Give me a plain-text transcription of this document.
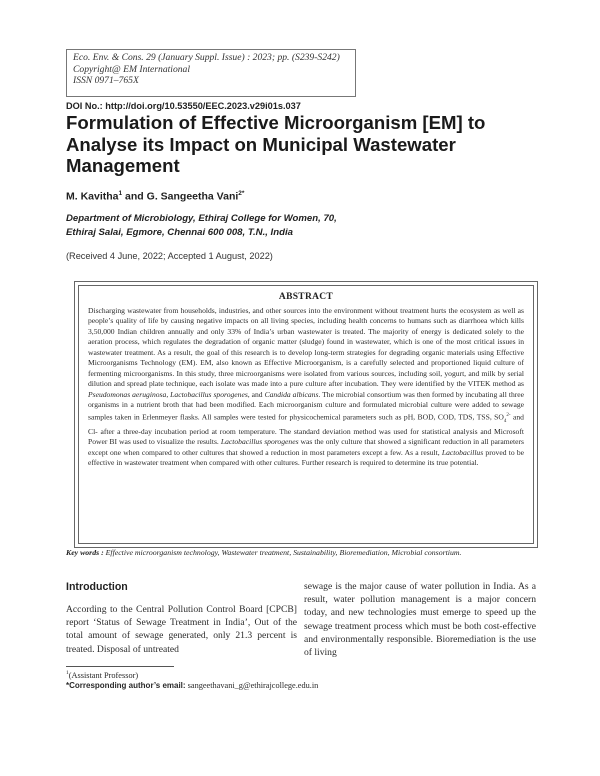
Eco. Env. & Cons. 29 (January Suppl. Issue) : 2023; pp. (S239-S242)
Copyright@ EM International
ISSN 0971–765X
DOI No.: http://doi.org/10.53550/EEC.2023.v29i01s.037
Formulation of Effective Microorganism [EM] to Analyse its Impact on Municipal Wastewater Management
M. Kavitha$^1$ and G. Sangeetha Vani$^{2*}$
Department of Microbiology, Ethiraj College for Women, 70,
Ethiraj Salai, Egmore, Chennai 600 008, T.N., India
(Received 4 June, 2022; Accepted 1 August, 2022)
ABSTRACT
Discharging wastewater from households, industries, and other sources into the environment without treatment hurts the ecosystem as well as people’s quality of life by causing negative impacts on all living species, including health concerns to humans such as diarrhoea which kills 3,50,000 Indian children annually and only 33% of India’s urban wastewater is treated. The majority of energy is dedicated solely to the aeration process, which regulates the degradation of organic matter (sludge) found in wastewater, which is one of the most critical issues in wastewater treatment. As a result, the goal of this research is to develop long-term strategies for degrading organic materials using Effective Microorganisms Technology (EM). EM, also known as Effective Microorganism, is a carefully selected and proportioned liquid culture of fermenting microorganisms. In this study, three microorganisms were isolated from various sources, including soil, yogurt, and milk by serial dilution and spread plate technique, each isolate was made into a pure culture after incubation. They were identified by the VITEK method as Pseudomonas aeruginosa, Lactobacillus sporogenes, and Candida albicans. The microbial consortium was then formed by incubating all three organisms in a nutrient broth that had been modified. Each microorganism culture and formulated microbial culture were added to sewage samples taken in Erlenmeyer flasks. All samples were tested for physicochemical parameters such as pH, BOD, COD, TDS, TSS, $SO_4^{2-}$ and Cl- after a three-day incubation period at room temperature. The standard deviation method was used for statistical analysis and Microsoft Power BI was used to visualize the results. Lactobacillus sporogenes was the only culture that showed a significant reduction in all parameters except one when compared to other cultures that showed a reduction in most parameters except a few. As a result, Lactobacillus proved to be effective in wastewater treatment when compared with other cultures. Further research is required to determine its true potential.
Key words : Effective microorganism technology, Wastewater treatment, Sustainability, Bioremediation, Microbial consortium.
Introduction
According to the Central Pollution Control Board [CPCB] report ‘Status of Sewage Treatment in India’, Out of the total amount of sewage generated, only 21.3 percent is treated. Disposal of untreated
sewage is the major cause of water pollution in India. As a result, water pollution management is a major concern today, and new technologies must emerge to speed up the sewage treatment process which must be both cost-effective and environmentally responsible. Bioremediation is the use of living
$^1$(Assistant Professor)
*Corresponding author’s email: sangeethavani_g@ethirajcollege.edu.in
